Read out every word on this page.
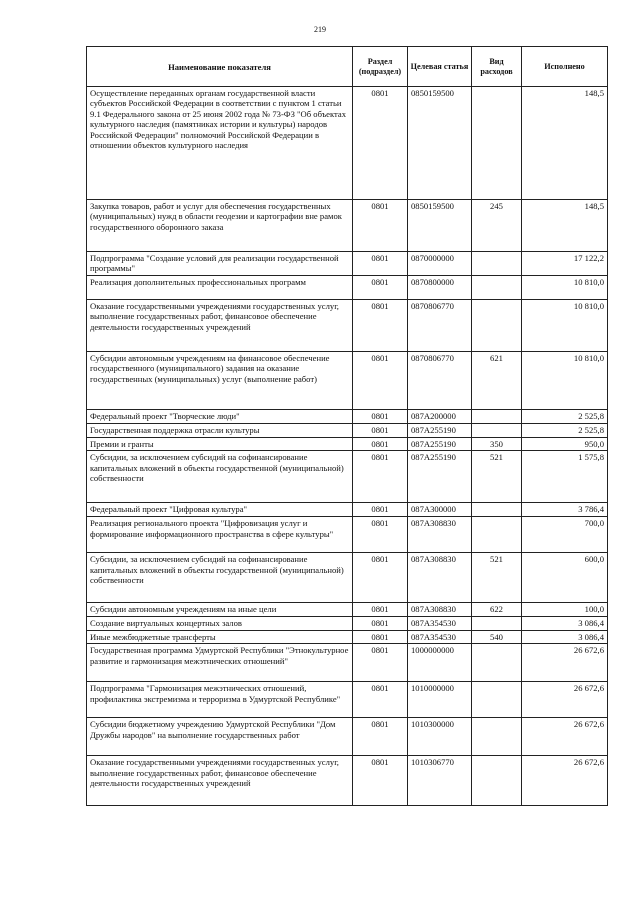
219
Наименование показателя	Раздел (подраздел)	Целевая статья	Вид расходов	Исполнено
Осуществление переданных органам государственной власти субъектов Российской Федерации в соответствии с пунктом 1 статьи 9.1 Федерального закона от 25 июня 2002 года № 73-ФЗ "Об объектах культурного наследия (памятниках истории и культуры) народов Российской Федерации" полномочий Российской Федерации в отношении объектов культурного наследия	0801	0850159500		148,5
Закупка товаров, работ и услуг для обеспечения государственных (муниципальных) нужд в области геодезии и картографии вне рамок государственного оборонного заказа	0801	0850159500	245	148,5
Подпрограмма "Создание условий для реализации государственной программы"	0801	0870000000		17 122,2
Реализация дополнительных профессиональных программ	0801	0870800000		10 810,0
Оказание государственными учреждениями государственных услуг, выполнение государственных работ, финансовое обеспечение деятельности государственных учреждений	0801	0870806770		10 810,0
Субсидии автономным учреждениям на финансовое обеспечение государственного (муниципального) задания на оказание государственных (муниципальных) услуг (выполнение работ)	0801	0870806770	621	10 810,0
Федеральный проект "Творческие люди"	0801	087А200000		2 525,8
Государственная поддержка отрасли культуры	0801	087А255190		2 525,8
Премии и гранты	0801	087А255190	350	950,0
Субсидии, за исключением субсидий на софинансирование капитальных вложений в объекты государственной (муниципальной) собственности	0801	087А255190	521	1 575,8
Федеральный проект "Цифровая культура"	0801	087А300000		3 786,4
Реализация регионального проекта "Цифровизация услуг и формирование информационного пространства в сфере культуры"	0801	087А308830		700,0
Субсидии, за исключением субсидий на софинансирование капитальных вложений в объекты государственной (муниципальной) собственности	0801	087А308830	521	600,0
Субсидии автономным учреждениям на иные цели	0801	087А308830	622	100,0
Создание виртуальных концертных залов	0801	087А354530		3 086,4
Иные межбюджетные трансферты	0801	087А354530	540	3 086,4
Государственная программа Удмуртской Республики "Этнокультурное развитие и гармонизация межэтнических отношений"	0801	1000000000		26 672,6
Подпрограмма "Гармонизация межэтнических отношений, профилактика экстремизма и терроризма в Удмуртской Республике"	0801	1010000000		26 672,6
Субсидии бюджетному учреждению Удмуртской Республики "Дом Дружбы народов" на выполнение государственных работ	0801	1010300000		26 672,6
Оказание государственными учреждениями государственных услуг, выполнение государственных работ, финансовое обеспечение деятельности государственных учреждений	0801	1010306770		26 672,6
